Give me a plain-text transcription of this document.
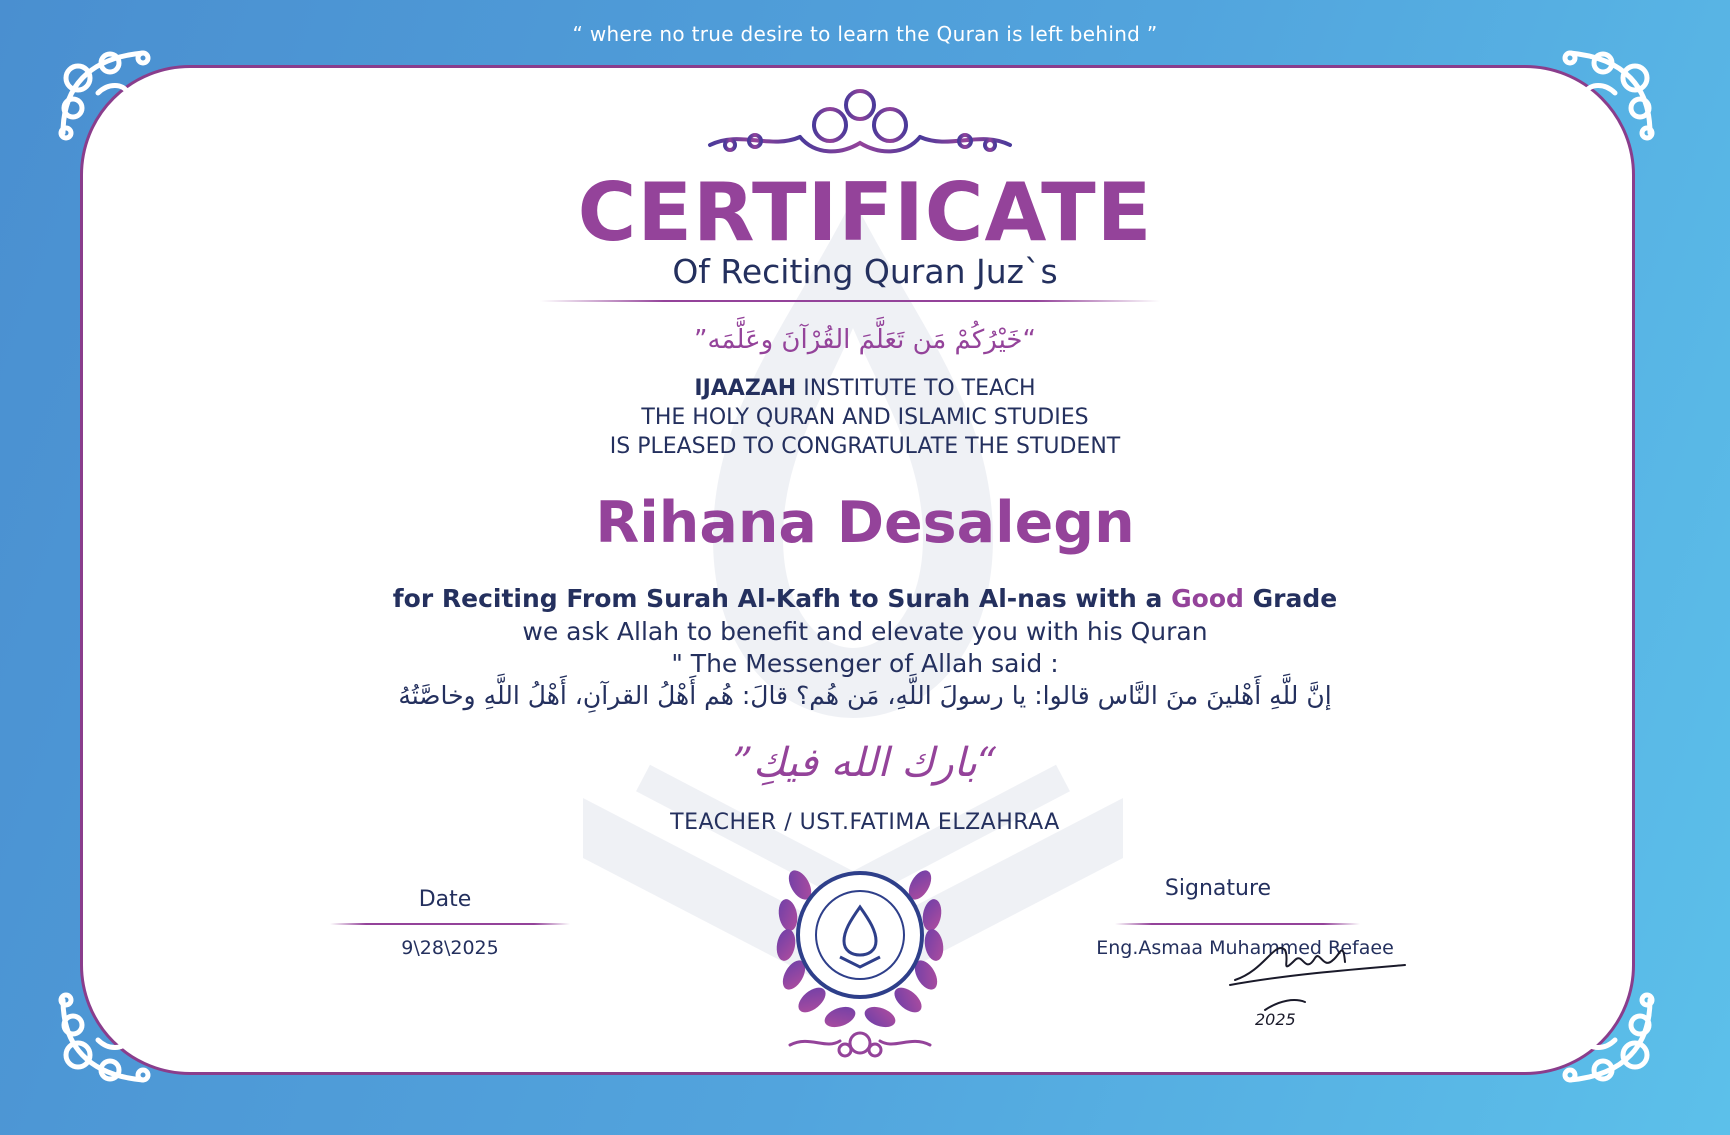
“ where no true desire to learn the Quran is left behind ”
CERTIFICATE
Of Reciting Quran Juz`s
”خَيْرُكُمْ مَن تَعَلَّمَ القُرْآنَ وعَلَّمَه“
IJAAZAH INSTITUTE TO TEACH
THE HOLY QURAN AND ISLAMIC STUDIES
IS PLEASED TO CONGRATULATE THE STUDENT
Rihana Desalegn
for Reciting From Surah Al-Kafh to Surah Al-nas with a Good Grade
we ask Allah to benefit and elevate you with his Quran
" The Messenger of Allah said :
إنَّ للَّهِ أَهْلينَ منَ النَّاس قالوا: يا رسولَ اللَّهِ، مَن هُم؟ قالَ: هُم أَهْلُ القرآنِ، أَهْلُ اللَّهِ وخاصَّتُهُ
”بارك الله فيكِ“
TEACHER / UST.FATIMA ELZAHRAA
Date
9\28\2025
Signature
Eng.Asmaa Muhammed Refaee
2025
